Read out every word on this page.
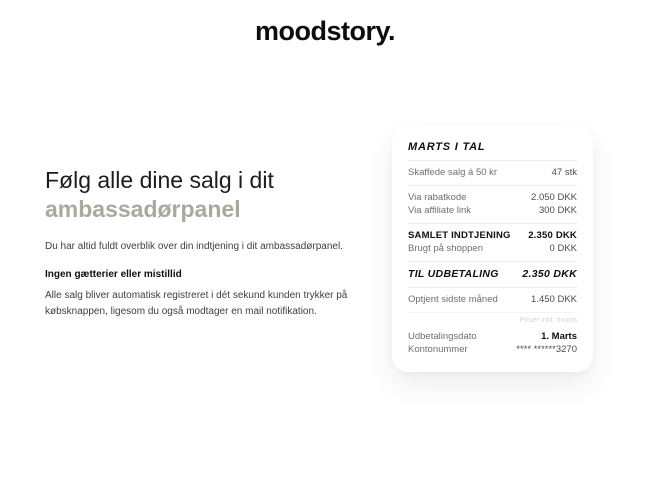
moodstory.
Følg alle dine salg i dit
ambassadørpanel

Du har altid fuldt overblik over din indtjening i dit ambassadørpanel.

Ingen gætterier eller mistillid

Alle salg bliver automatisk registreret i dét sekund kunden trykker på købsknappen, ligesom du også modtager en mail notifikation.

MARTS I TAL
Skaffede salg á 50 kr	47 stk
Via rabatkode	2.050 DKK
Via affiliate link	300 DKK
SAMLET INDTJENING 2.350 DKK
Brugt på shoppen	0 DKK
TIL UDBETALING 2.350 DKK
Optjent sidste måned	1.450 DKK
Priser inkl. moms
Udbetalingsdato	1. Marts
Kontonummer	**** ******3270
